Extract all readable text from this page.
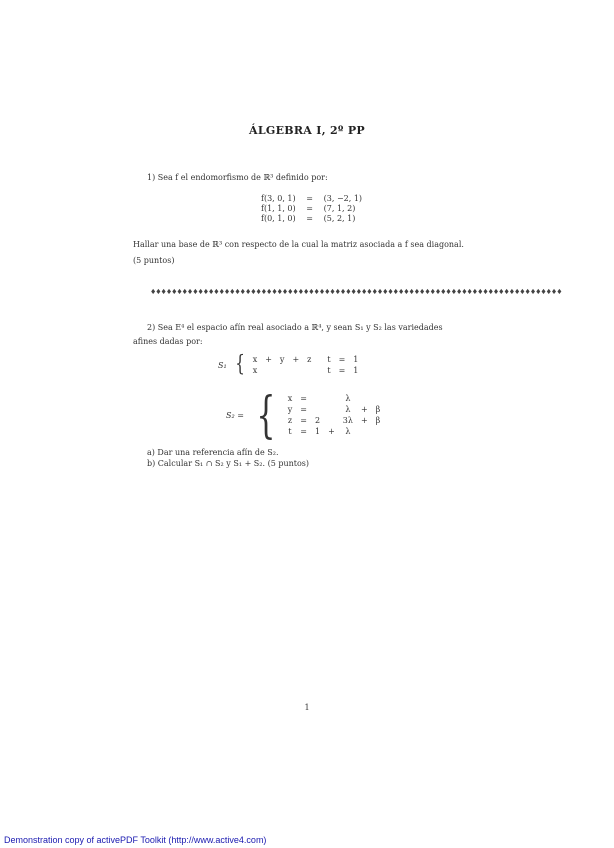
ÁLGEBRA I, 2º PP
1) Sea f el endomorfismo de ℝ³ definido por:
f(3, 0, 1)	=	(3, −2, 1)
f(1, 1, 0)	=	(7, 1, 2)
f(0, 1, 0)	=	(5, 2, 1)
Hallar una base de ℝ³ con respecto de la cual la matriz asociada a f sea diagonal.
(5 puntos)
♦♦♦♦♦♦♦♦♦♦♦♦♦♦♦♦♦♦♦♦♦♦♦♦♦♦♦♦♦♦♦♦♦♦♦♦♦♦♦♦♦♦♦♦♦♦♦♦♦♦♦♦♦♦♦♦♦♦♦♦♦♦♦♦♦♦♦♦♦♦♦♦♦♦♦♦♦♦
2) Sea E⁴ el espacio afín real asociado a ℝ⁴, y sean S₁ y S₂ las variedades
afines dadas por:
S₁ { x	+	y	+	z		t	=	1
x						t	=	1
S₂ = { x	=			λ		
y	=			λ	+	β
z	=	2		3λ	+	β
t	=	1	+	λ		
a) Dar una referencia afín de S₂.
b) Calcular S₁ ∩ S₂ y S₁ + S₂. (5 puntos)
1
Demonstration copy of activePDF Toolkit (http://www.active4.com)
